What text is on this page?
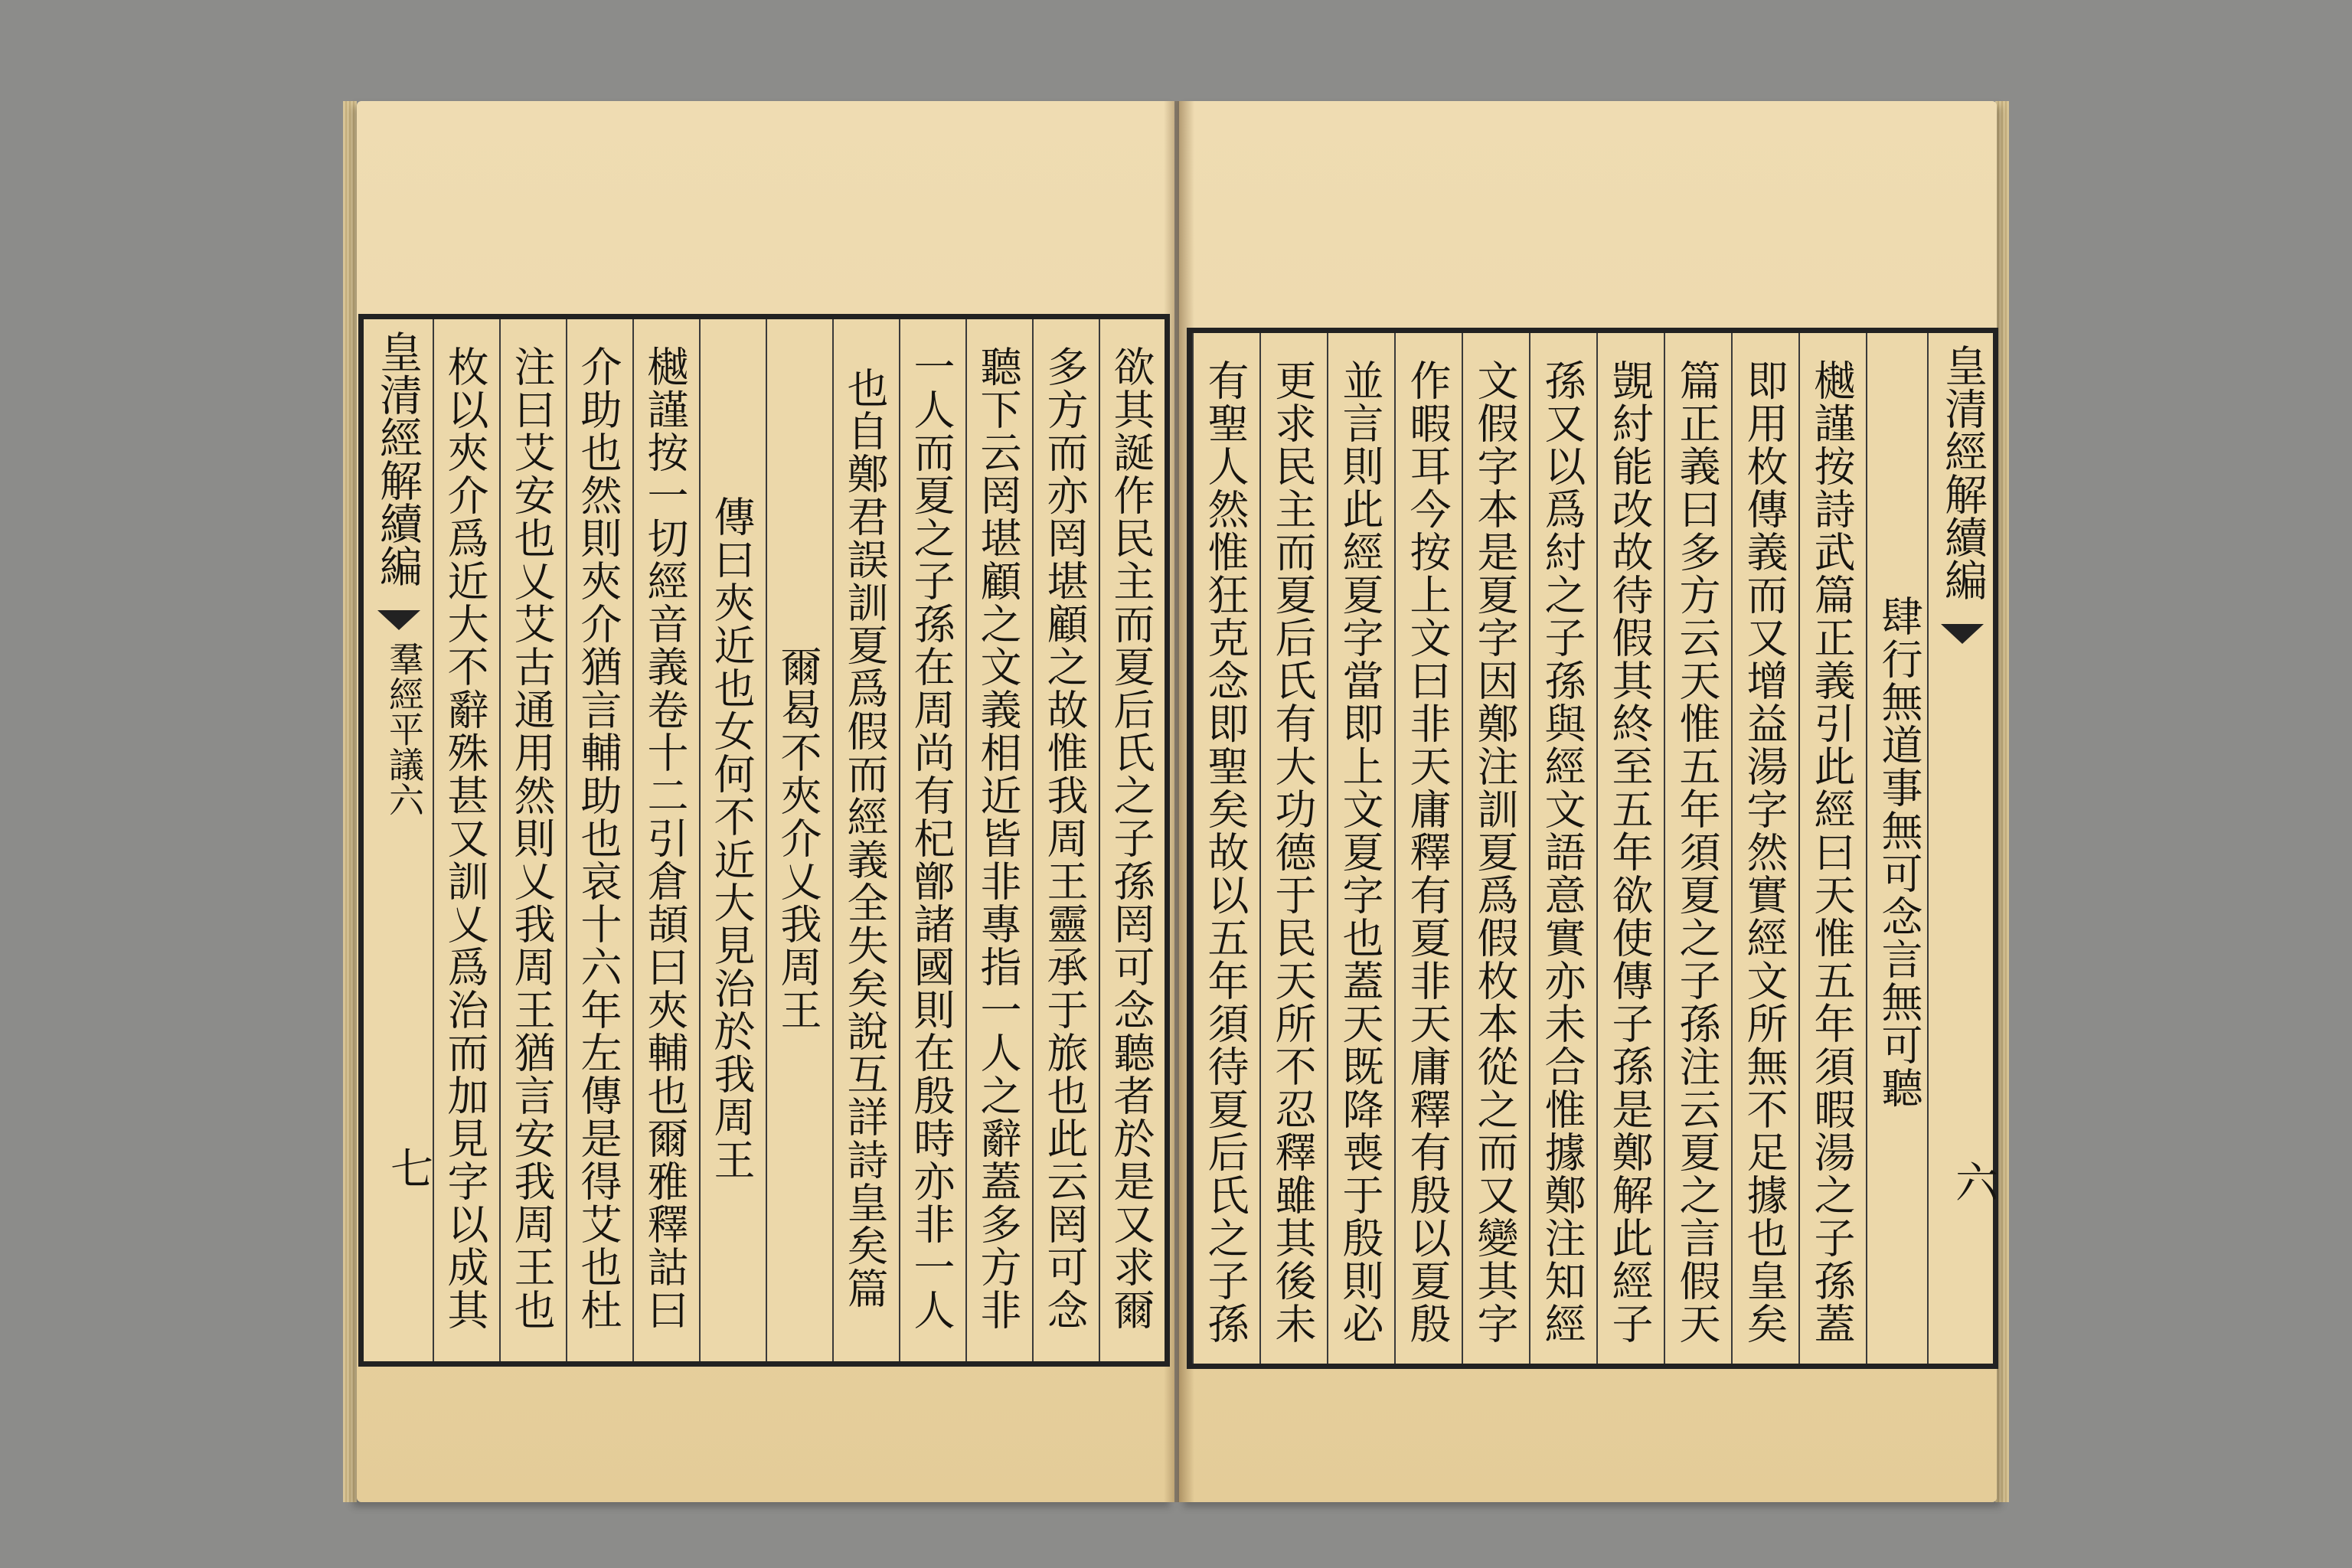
皇清經解續編
羣經平議六
七 枚以夾介爲近大不辭殊甚又訓乂爲治而加見字以成其 注曰艾安也乂艾古通用然則乂我周王猶言安我周王也 介助也然則夾介猶言輔助也哀十六年左傳是得艾也杜 樾謹按一切經音義卷十二引倉頡曰夾輔也爾雅釋詁曰 傳曰夾近也女何不近大見治於我周王 爾曷不夾介乂我周王 也自鄭君誤訓夏爲假而經義全失矣說互詳詩皇矣篇 一人而夏之子孫在周尚有杞鄫諸國則在殷時亦非一人 聽下云罔堪顧之文義相近皆非專指一人之辭蓋多方非 多方而亦罔堪顧之故惟我周王靈承于旅也此云罔可念 欲其誕作民主而夏后氏之子孫罔可念聽者於是又求爾	皇清經解續編
六
有聖人然惟狂克念即聖矣故以五年須待夏后氏之子孫 更求民主而夏后氏有大功德于民天所不忍釋雖其後未 並言則此經夏字當即上文夏字也蓋天既降喪于殷則必 作暇耳今按上文曰非天庸釋有夏非天庸釋有殷以夏殷 文假字本是夏字因鄭注訓夏爲假枚本從之而又變其字 孫又以爲紂之子孫與經文語意實亦未合惟據鄭注知經 覬紂能改故待假其終至五年欲使傳子孫是鄭解此經子 篇正義曰多方云天惟五年須夏之子孫注云夏之言假天 即用枚傳義而又增益湯字然實經文所無不足據也皇矣 樾謹按詩武篇正義引此經曰天惟五年須暇湯之子孫蓋 肆行無道事無可念言無可聽
